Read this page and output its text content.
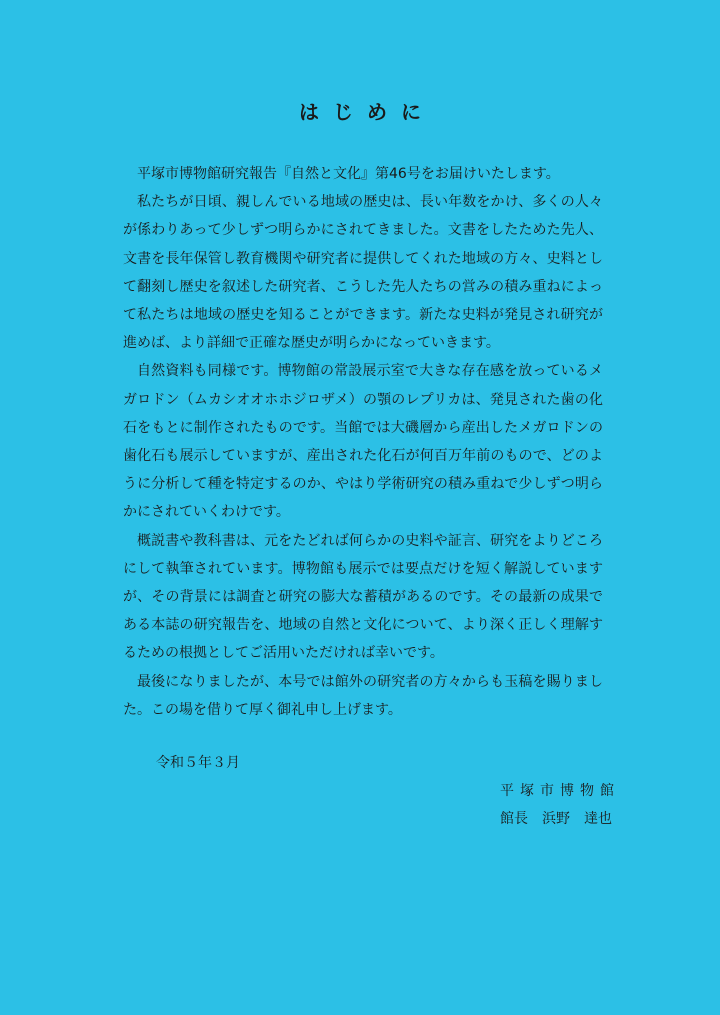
はじめに

平塚市博物館研究報告『自然と文化』第46号をお届けいたします。

私たちが日頃、親しんでいる地域の歴史は、長い年数をかけ、多くの人々が係わりあって少しずつ明らかにされてきました。文書をしたためた先人、文書を長年保管し教育機関や研究者に提供してくれた地域の方々、史料として翻刻し歴史を叙述した研究者、こうした先人たちの営みの積み重ねによって私たちは地域の歴史を知ることができます。新たな史料が発見され研究が進めば、より詳細で正確な歴史が明らかになっていきます。

自然資料も同様です。博物館の常設展示室で大きな存在感を放っているメガロドン（ムカシオオホホジロザメ）の顎のレプリカは、発見された歯の化石をもとに制作されたものです。当館では大磯層から産出したメガロドンの歯化石も展示していますが、産出された化石が何百万年前のもので、どのように分析して種を特定するのか、やはり学術研究の積み重ねで少しずつ明らかにされていくわけです。

概説書や教科書は、元をたどれば何らかの史料や証言、研究をよりどころにして執筆されています。博物館も展示では要点だけを短く解説していますが、その背景には調査と研究の膨大な蓄積があるのです。その最新の成果である本誌の研究報告を、地域の自然と文化について、より深く正しく理解するための根拠としてご活用いただければ幸いです。

最後になりましたが、本号では館外の研究者の方々からも玉稿を賜りました。この場を借りて厚く御礼申し上げます。

令和５年３月
平塚市博物館
館長　浜野　達也
